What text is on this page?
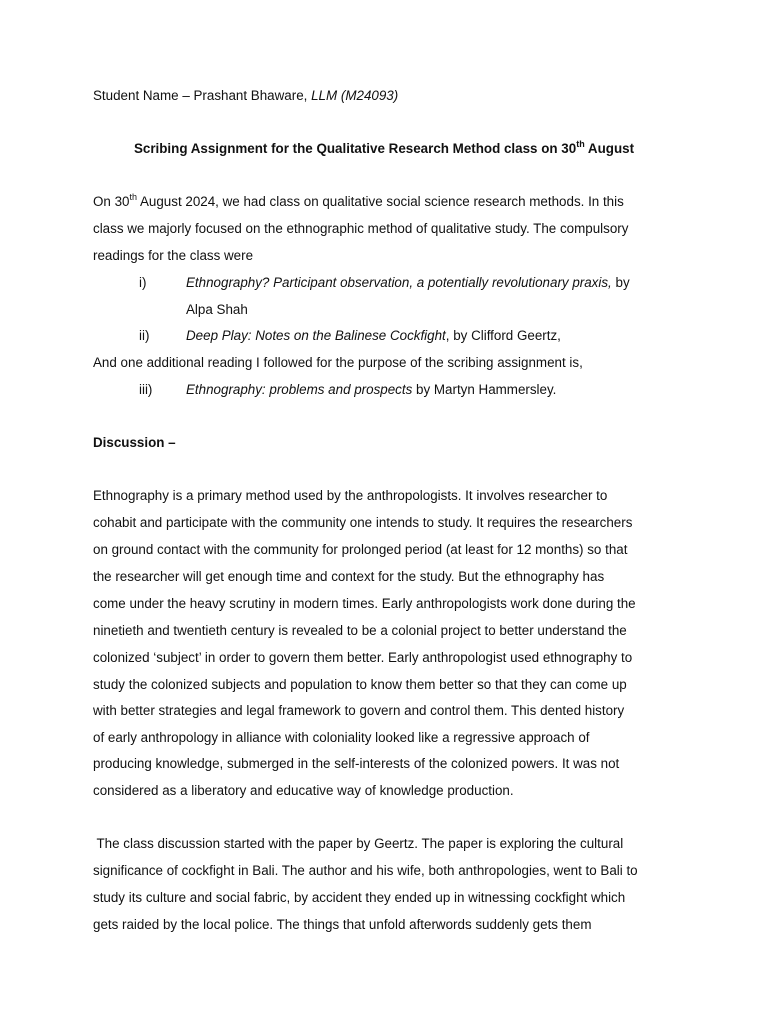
Student Name – Prashant Bhaware, LLM (M24093)
Scribing Assignment for the Qualitative Research Method class on 30th August
On 30th August 2024, we had class on qualitative social science research methods. In this
class we majorly focused on the ethnographic method of qualitative study. The compulsory
readings for the class were
i)	Ethnography? Participant observation, a potentially revolutionary praxis, by
Alpa Shah
ii)	Deep Play: Notes on the Balinese Cockfight, by Clifford Geertz,
And one additional reading I followed for the purpose of the scribing assignment is,
iii)	Ethnography: problems and prospects by Martyn Hammersley.
Discussion –
Ethnography is a primary method used by the anthropologists. It involves researcher to
cohabit and participate with the community one intends to study. It requires the researchers
on ground contact with the community for prolonged period (at least for 12 months) so that
the researcher will get enough time and context for the study. But the ethnography has
come under the heavy scrutiny in modern times. Early anthropologists work done during the
ninetieth and twentieth century is revealed to be a colonial project to better understand the
colonized ‘subject’ in order to govern them better. Early anthropologist used ethnography to
study the colonized subjects and population to know them better so that they can come up
with better strategies and legal framework to govern and control them. This dented history
of early anthropology in alliance with coloniality looked like a regressive approach of
producing knowledge, submerged in the self-interests of the colonized powers. It was not
considered as a liberatory and educative way of knowledge production.
The class discussion started with the paper by Geertz. The paper is exploring the cultural
significance of cockfight in Bali. The author and his wife, both anthropologies, went to Bali to
study its culture and social fabric, by accident they ended up in witnessing cockfight which
gets raided by the local police. The things that unfold afterwords suddenly gets them
